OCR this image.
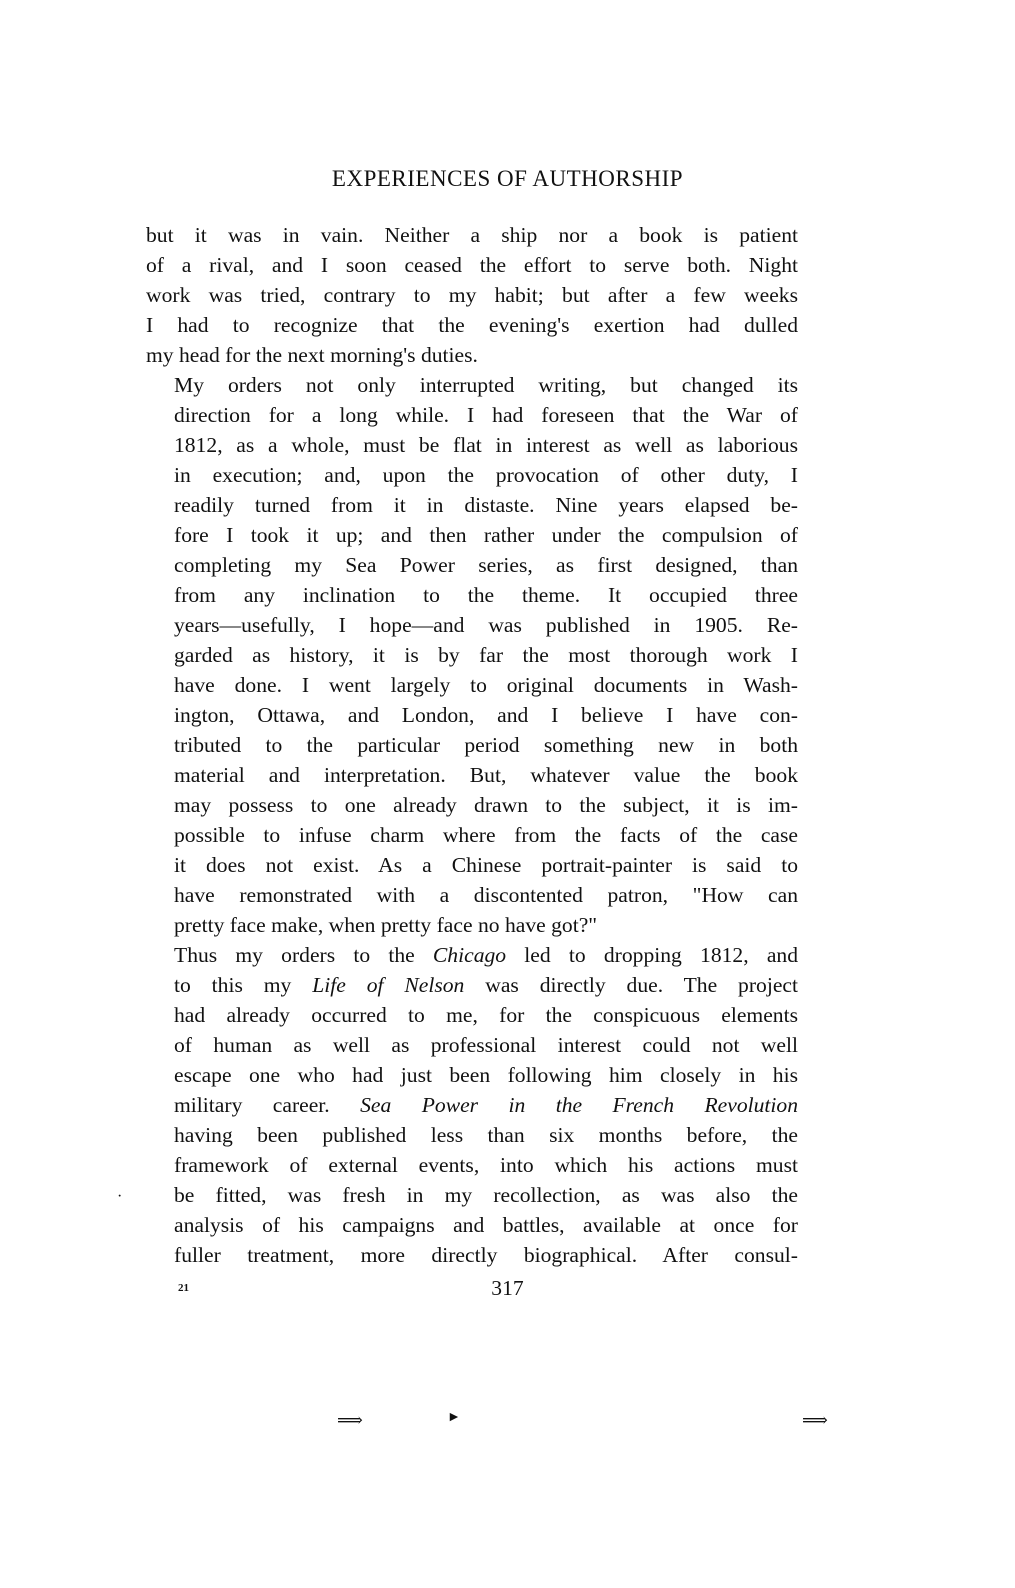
EXPERIENCES OF AUTHORSHIP
but it was in vain. Neither a ship nor a book is patient
of a rival, and I soon ceased the effort to serve both. Night
work was tried, contrary to my habit; but after a few weeks
I had to recognize that the evening's exertion had dulled
my head for the next morning's duties.
My orders not only interrupted writing, but changed its
direction for a long while. I had foreseen that the War of
1812, as a whole, must be flat in interest as well as laborious
in execution; and, upon the provocation of other duty, I
readily turned from it in distaste. Nine years elapsed be-
fore I took it up; and then rather under the compulsion of
completing my Sea Power series, as first designed, than
from any inclination to the theme. It occupied three
years—usefully, I hope—and was published in 1905. Re-
garded as history, it is by far the most thorough work I
have done. I went largely to original documents in Wash-
ington, Ottawa, and London, and I believe I have con-
tributed to the particular period something new in both
material and interpretation. But, whatever value the book
may possess to one already drawn to the subject, it is im-
possible to infuse charm where from the facts of the case
it does not exist. As a Chinese portrait-painter is said to
have remonstrated with a discontented patron, "How can
pretty face make, when pretty face no have got?"
Thus my orders to the Chicago led to dropping 1812, and
to this my Life of Nelson was directly due. The project
had already occurred to me, for the conspicuous elements
of human as well as professional interest could not well
escape one who had just been following him closely in his
military career. Sea Power in the French Revolution
having been published less than six months before, the
framework of external events, into which his actions must
be fitted, was fresh in my recollection, as was also the
analysis of his campaigns and battles, available at once for
fuller treatment, more directly biographical. After consul-
·
21	317
⟹	►	⟹
